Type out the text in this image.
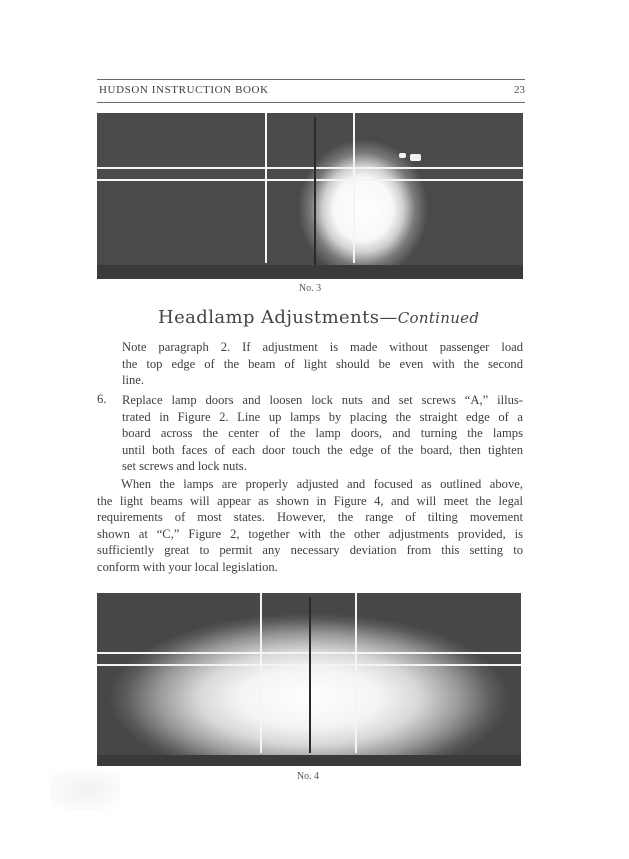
HUDSON INSTRUCTION BOOK	23
No. 3
Headlamp Adjustments—Continued
Note paragraph 2. If adjustment is made without passenger load
the top edge of the beam of light should be even with the second
line.
6. Replace lamp doors and loosen lock nuts and set screws “A,” illus-
trated in Figure 2. Line up lamps by placing the straight edge of a
board across the center of the lamp doors, and turning the lamps
until both faces of each door touch the edge of the board, then tighten
set screws and lock nuts.
When the lamps are properly adjusted and focused as outlined above,
the light beams will appear as shown in Figure 4, and will meet the legal
requirements of most states. However, the range of tilting movement
shown at “C,” Figure 2, together with the other adjustments provided, is
sufficiently great to permit any necessary deviation from this setting to
conform with your local legislation.
No. 4
